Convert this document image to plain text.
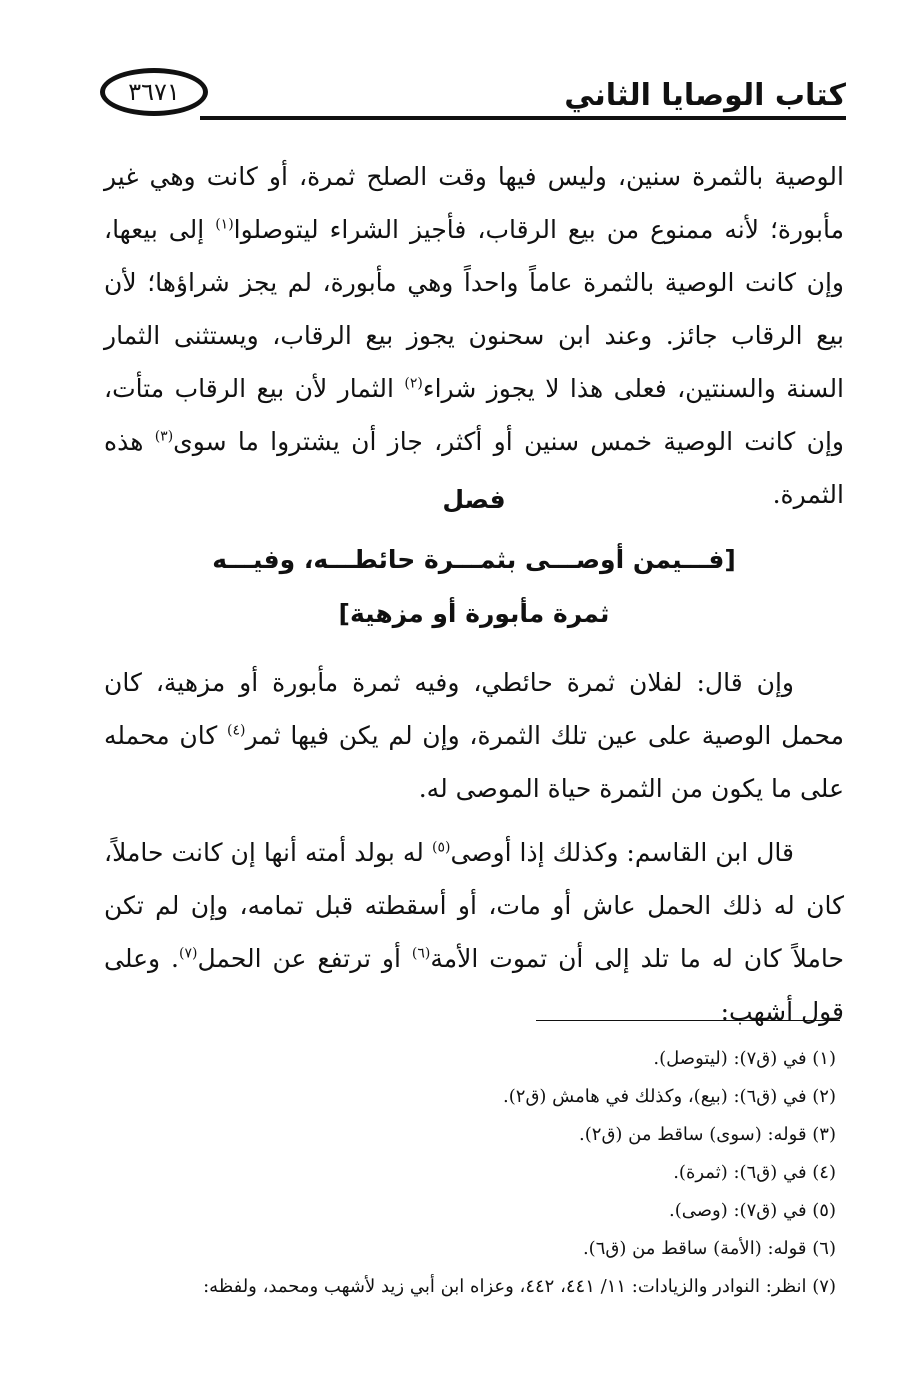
٣٦٧١	كتاب الوصايا الثاني

الوصية بالثمرة سنين، وليس فيها وقت الصلح ثمرة، أو كانت وهي غير مأبورة؛ لأنه ممنوع من بيع الرقاب، فأجيز الشراء ليتوصلوا$^{(١)}$ إلى بيعها، وإن كانت الوصية بالثمرة عاماً واحداً وهي مأبورة، لم يجز شراؤها؛ لأن بيع الرقاب جائز. وعند ابن سحنون يجوز بيع الرقاب، ويستثنى الثمار السنة والسنتين، فعلى هذا لا يجوز شراء$^{(٢)}$ الثمار لأن بيع الرقاب متأت، وإن كانت الوصية خمس سنين أو أكثر، جاز أن يشتروا ما سوى$^{(٣)}$ هذه الثمرة.

فصل
[فـــيمن أوصـــى بثمـــرة حائطـــه، وفيـــه
ثمرة مأبورة أو مزهية]

وإن قال: لفلان ثمرة حائطي، وفيه ثمرة مأبورة أو مزهية، كان محمل الوصية على عين تلك الثمرة، وإن لم يكن فيها ثمر$^{(٤)}$ كان محمله على ما يكون من الثمرة حياة الموصى له.

قال ابن القاسم: وكذلك إذا أوصى$^{(٥)}$ له بولد أمته أنها إن كانت حاملاً، كان له ذلك الحمل عاش أو مات، أو أسقطته قبل تمامه، وإن لم تكن حاملاً كان له ما تلد إلى أن تموت الأمة$^{(٦)}$ أو ترتفع عن الحمل$^{(٧)}$. وعلى قول أشهب:

(١) في (ق٧): (ليتوصل).
(٢) في (ق٦): (بيع)، وكذلك في هامش (ق٢).
(٣) قوله: (سوى) ساقط من (ق٢).
(٤) في (ق٦): (ثمرة).
(٥) في (ق٧): (وصى).
(٦) قوله: (الأمة) ساقط من (ق٦).
(٧) انظر: النوادر والزيادات: ١١/ ٤٤١، ٤٤٢، وعزاه ابن أبي زيد لأشهب ومحمد، ولفظه:
